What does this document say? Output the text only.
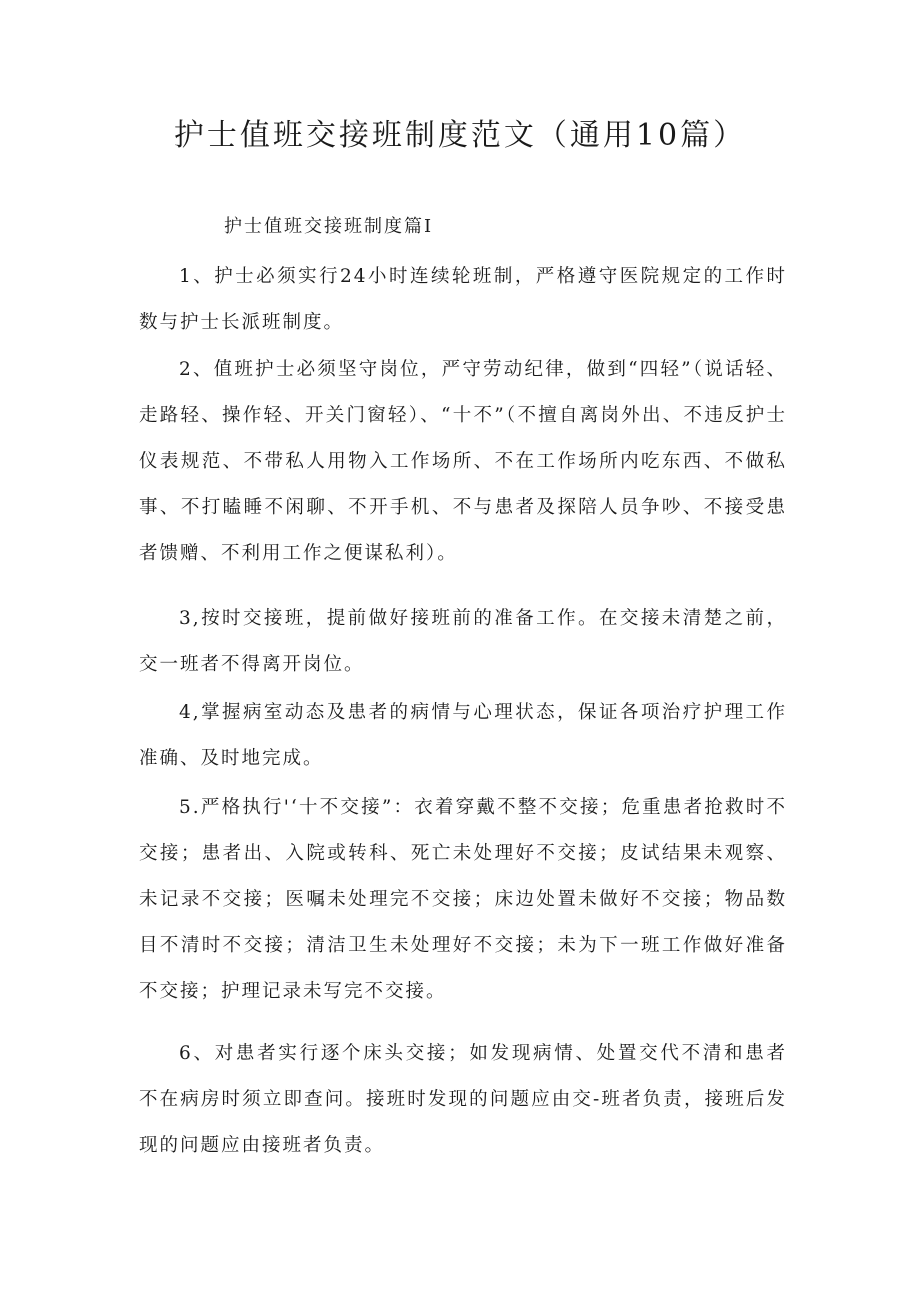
护士值班交接班制度范文（通用10篇）

护士值班交接班制度篇Ⅰ

1、护士必须实行24小时连续轮班制，严格遵守医院规定的工作时数与护士长派班制度。

2、值班护士必须坚守岗位，严守劳动纪律，做到“四轻”（说话轻、走路轻、操作轻、开关门窗轻）、“十不”（不擅自离岗外出、不违反护士仪表规范、不带私人用物入工作场所、不在工作场所内吃东西、不做私事、不打瞌睡不闲聊、不开手机、不与患者及探陪人员争吵、不接受患者馈赠、不利用工作之便谋私利）。

3,按时交接班，提前做好接班前的准备工作。在交接未清楚之前，交一班者不得离开岗位。

4,掌握病室动态及患者的病情与心理状态，保证各项治疗护理工作准确、及时地完成。

5.严格执行'‘十不交接”：衣着穿戴不整不交接；危重患者抢救时不交接；患者出、入院或转科、死亡未处理好不交接；皮试结果未观察、未记录不交接；医嘱未处理完不交接；床边处置未做好不交接；物品数目不清时不交接；清洁卫生未处理好不交接；未为下一班工作做好准备不交接；护理记录未写完不交接。

6、对患者实行逐个床头交接；如发现病情、处置交代不清和患者不在病房时须立即查问。接班时发现的问题应由交-班者负责，接班后发现的问题应由接班者负责。
